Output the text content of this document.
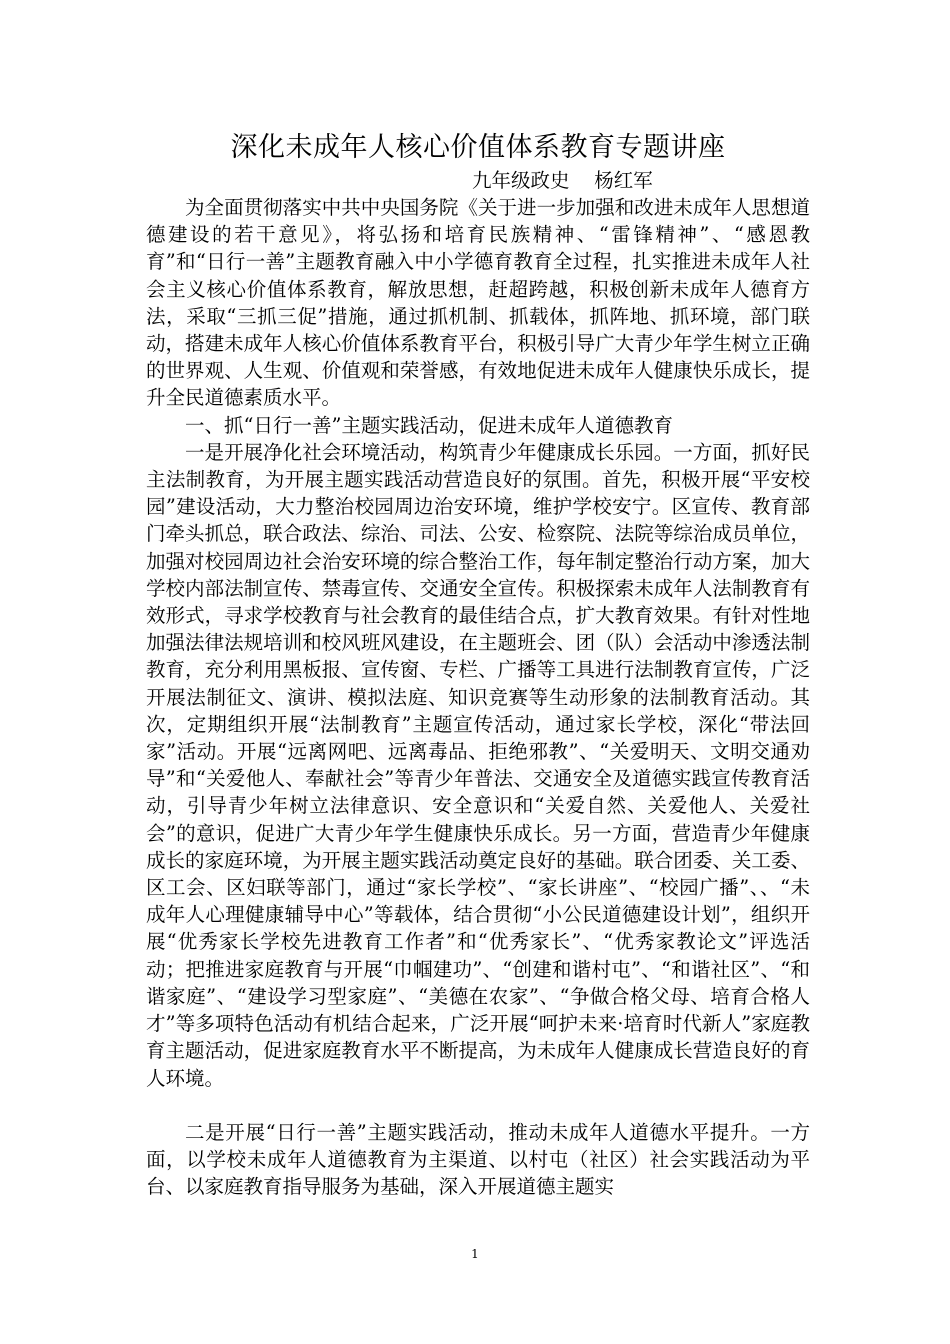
深化未成年人核心价值体系教育专题讲座

九年级政史    杨红军

为全面贯彻落实中共中央国务院《关于进一步加强和改进未成年人思想道德建设的若干意见》，将弘扬和培育民族精神、“雷锋精神”、“感恩教育”和“日行一善”主题教育融入中小学德育教育全过程，扎实推进未成年人社会主义核心价值体系教育，解放思想，赶超跨越，积极创新未成年人德育方法，采取“三抓三促”措施，通过抓机制、抓载体，抓阵地、抓环境，部门联动，搭建未成年人核心价值体系教育平台，积极引导广大青少年学生树立正确的世界观、人生观、价值观和荣誉感，有效地促进未成年人健康快乐成长，提升全民道德素质水平。

一、抓“日行一善”主题实践活动，促进未成年人道德教育

一是开展净化社会环境活动，构筑青少年健康成长乐园。一方面，抓好民主法制教育，为开展主题实践活动营造良好的氛围。首先，积极开展“平安校园”建设活动，大力整治校园周边治安环境，维护学校安宁。区宣传、教育部门牵头抓总，联合政法、综治、司法、公安、检察院、法院等综治成员单位，加强对校园周边社会治安环境的综合整治工作，每年制定整治行动方案，加大学校内部法制宣传、禁毒宣传、交通安全宣传。积极探索未成年人法制教育有效形式，寻求学校教育与社会教育的最佳结合点，扩大教育效果。有针对性地加强法律法规培训和校风班风建设，在主题班会、团（队）会活动中渗透法制教育，充分利用黑板报、宣传窗、专栏、广播等工具进行法制教育宣传，广泛开展法制征文、演讲、模拟法庭、知识竞赛等生动形象的法制教育活动。其次，定期组织开展“法制教育”主题宣传活动，通过家长学校，深化“带法回家”活动。开展“远离网吧、远离毒品、拒绝邪教”、“关爱明天、文明交通劝导”和“关爱他人、奉献社会”等青少年普法、交通安全及道德实践宣传教育活动，引导青少年树立法律意识、安全意识和“关爱自然、关爱他人、关爱社会”的意识，促进广大青少年学生健康快乐成长。另一方面，营造青少年健康成长的家庭环境，为开展主题实践活动奠定良好的基础。联合团委、关工委、区工会、区妇联等部门，通过“家长学校”、“家长讲座”、“校园广播”、、“未成年人心理健康辅导中心”等载体，结合贯彻“小公民道德建设计划”，组织开展“优秀家长学校先进教育工作者”和“优秀家长”、“优秀家教论文”评选活动；把推进家庭教育与开展“巾帼建功”、“创建和谐村屯”、“和谐社区”、“和谐家庭”、“建设学习型家庭”、“美德在农家”、“争做合格父母、培育合格人才”等多项特色活动有机结合起来，广泛开展“呵护未来·培育时代新人”家庭教育主题活动，促进家庭教育水平不断提高，为未成年人健康成长营造良好的育人环境。

二是开展“日行一善”主题实践活动，推动未成年人道德水平提升。一方面，以学校未成年人道德教育为主渠道、以村屯（社区）社会实践活动为平台、以家庭教育指导服务为基础，深入开展道德主题实

1
